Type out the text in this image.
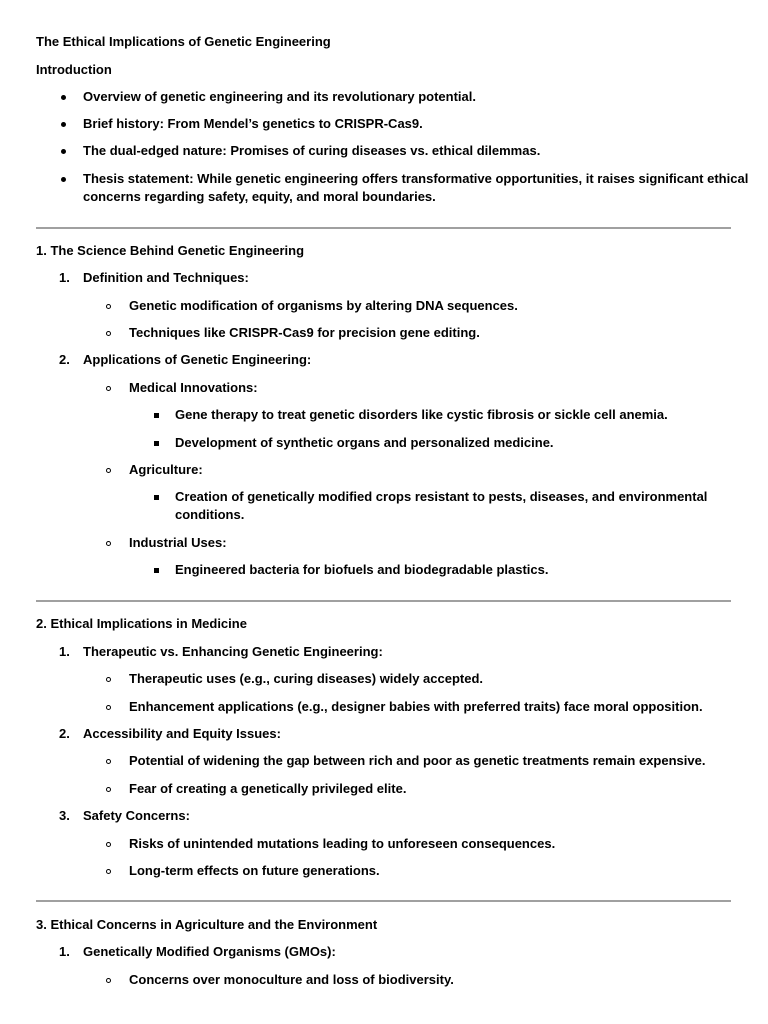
The Ethical Implications of Genetic Engineering
Introduction
Overview of genetic engineering and its revolutionary potential.
Brief history: From Mendel’s genetics to CRISPR-Cas9.
The dual-edged nature: Promises of curing diseases vs. ethical dilemmas.
Thesis statement: While genetic engineering offers transformative opportunities, it raises significant ethical
concerns regarding safety, equity, and moral boundaries.
1. The Science Behind Genetic Engineering
1. Definition and Techniques:
Genetic modification of organisms by altering DNA sequences.
Techniques like CRISPR-Cas9 for precision gene editing.
2. Applications of Genetic Engineering:
Medical Innovations:
Gene therapy to treat genetic disorders like cystic fibrosis or sickle cell anemia.
Development of synthetic organs and personalized medicine.
Agriculture:
Creation of genetically modified crops resistant to pests, diseases, and environmental
conditions.
Industrial Uses:
Engineered bacteria for biofuels and biodegradable plastics.
2. Ethical Implications in Medicine
1. Therapeutic vs. Enhancing Genetic Engineering:
Therapeutic uses (e.g., curing diseases) widely accepted.
Enhancement applications (e.g., designer babies with preferred traits) face moral opposition.
2. Accessibility and Equity Issues:
Potential of widening the gap between rich and poor as genetic treatments remain expensive.
Fear of creating a genetically privileged elite.
3. Safety Concerns:
Risks of unintended mutations leading to unforeseen consequences.
Long-term effects on future generations.
3. Ethical Concerns in Agriculture and the Environment
1. Genetically Modified Organisms (GMOs):
Concerns over monoculture and loss of biodiversity.
